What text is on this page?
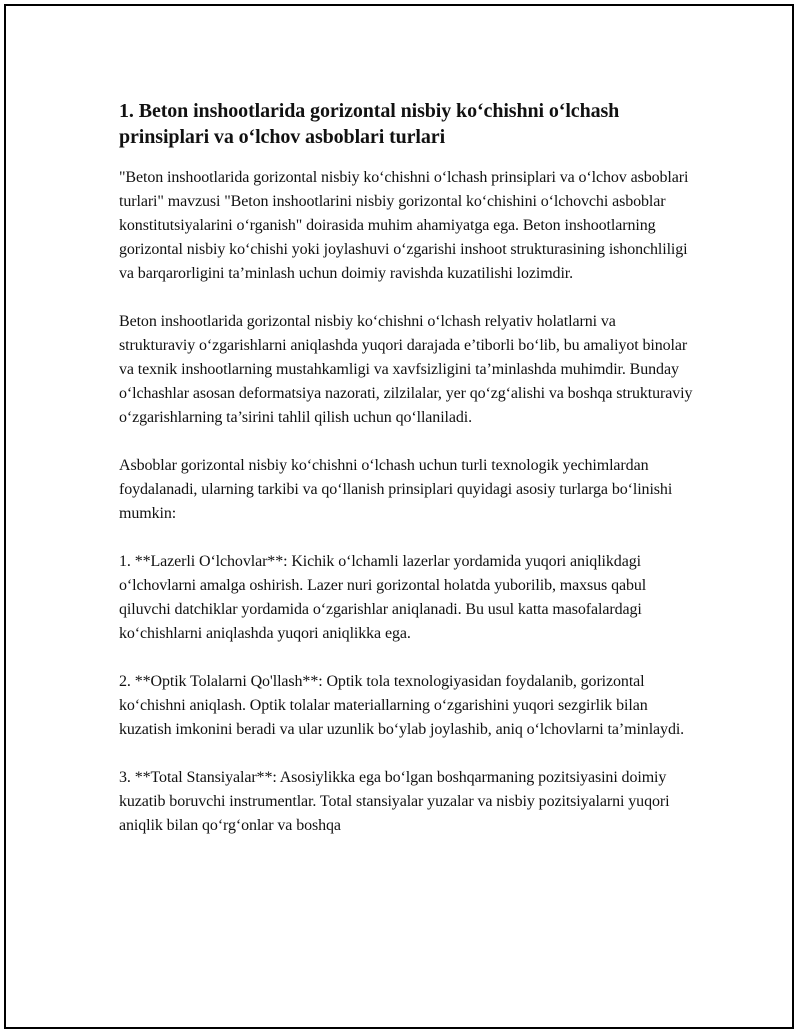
1. Beton inshootlarida gorizontal nisbiy ko‘chishni o‘lchash prinsiplari va o‘lchov asboblari turlari

"Beton inshootlarida gorizontal nisbiy ko‘chishni o‘lchash prinsiplari va o‘lchov asboblari turlari" mavzusi "Beton inshootlarini nisbiy gorizontal ko‘chishini o‘lchovchi asboblar konstitutsiyalarini o‘rganish" doirasida muhim ahamiyatga ega. Beton inshootlarning gorizontal nisbiy ko‘chishi yoki joylashuvi o‘zgarishi inshoot strukturasining ishonchliligi va barqarorligini ta’minlash uchun doimiy ravishda kuzatilishi lozimdir.

Beton inshootlarida gorizontal nisbiy ko‘chishni o‘lchash relyativ holatlarni va strukturaviy o‘zgarishlarni aniqlashda yuqori darajada e’tiborli bo‘lib, bu amaliyot binolar va texnik inshootlarning mustahkamligi va xavfsizligini ta’minlashda muhimdir. Bunday o‘lchashlar asosan deformatsiya nazorati, zilzilalar, yer qo‘zg‘alishi va boshqa strukturaviy o‘zgarishlarning ta’sirini tahlil qilish uchun qo‘llaniladi.

Asboblar gorizontal nisbiy ko‘chishni o‘lchash uchun turli texnologik yechimlardan foydalanadi, ularning tarkibi va qo‘llanish prinsiplari quyidagi asosiy turlarga bo‘linishi mumkin:

1. **Lazerli O‘lchovlar**: Kichik o‘lchamli lazerlar yordamida yuqori aniqlikdagi o‘lchovlarni amalga oshirish. Lazer nuri gorizontal holatda yuborilib, maxsus qabul qiluvchi datchiklar yordamida o‘zgarishlar aniqlanadi. Bu usul katta masofalardagi ko‘chishlarni aniqlashda yuqori aniqlikka ega.

2. **Optik Tolalarni Qo'llash**: Optik tola texnologiyasidan foydalanib, gorizontal ko‘chishni aniqlash. Optik tolalar materiallarning o‘zgarishini yuqori sezgirlik bilan kuzatish imkonini beradi va ular uzunlik bo‘ylab joylashib, aniq o‘lchovlarni ta’minlaydi.

3. **Total Stansiyalar**: Asosiylikka ega bo‘lgan boshqarmaning pozitsiyasini doimiy kuzatib boruvchi instrumentlar. Total stansiyalar yuzalar va nisbiy pozitsiyalarni yuqori aniqlik bilan qo‘rg‘onlar va boshqa
